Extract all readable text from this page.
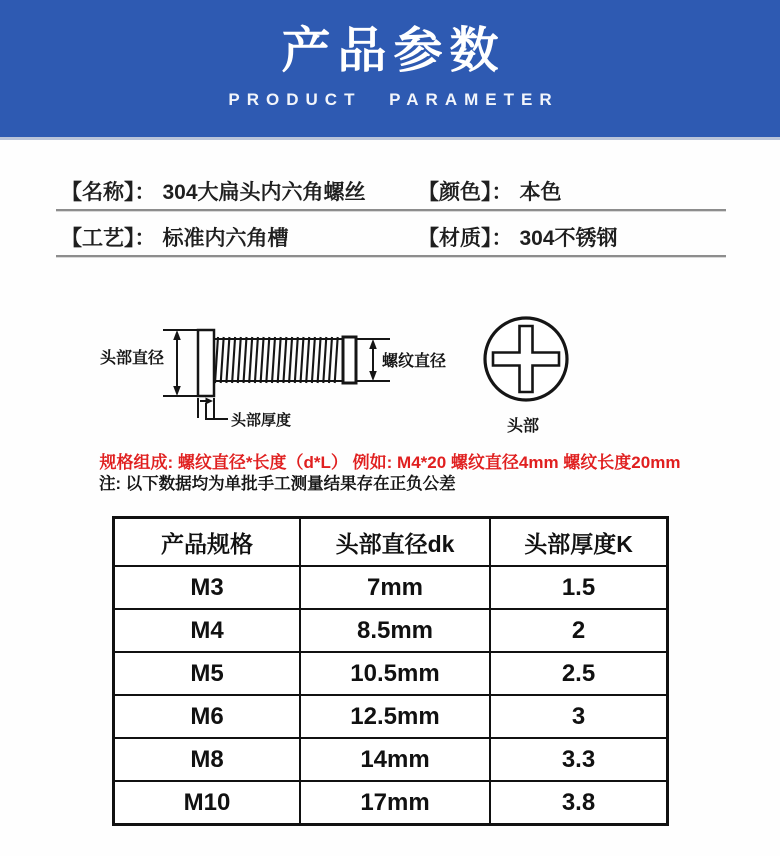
产品参数
PRODUCT PARAMETER
【名称】： 304大扁头内六角螺丝 【颜色】： 本色
【工艺】： 标准内六角槽	【材质】： 304不锈钢
头部直径	螺纹直径
头部厚度	头部
规格组成: 螺纹直径*长度（d*L） 例如: M4*20 螺纹直径4mm 螺纹长度20mm
注: 以下数据均为单批手工测量结果存在正负公差
产品规格	头部直径dk	头部厚度K
M3	7mm	1.5
M4	8.5mm	2
M5	10.5mm	2.5
M6	12.5mm	3
M8	14mm	3.3
M10	17mm	3.8
